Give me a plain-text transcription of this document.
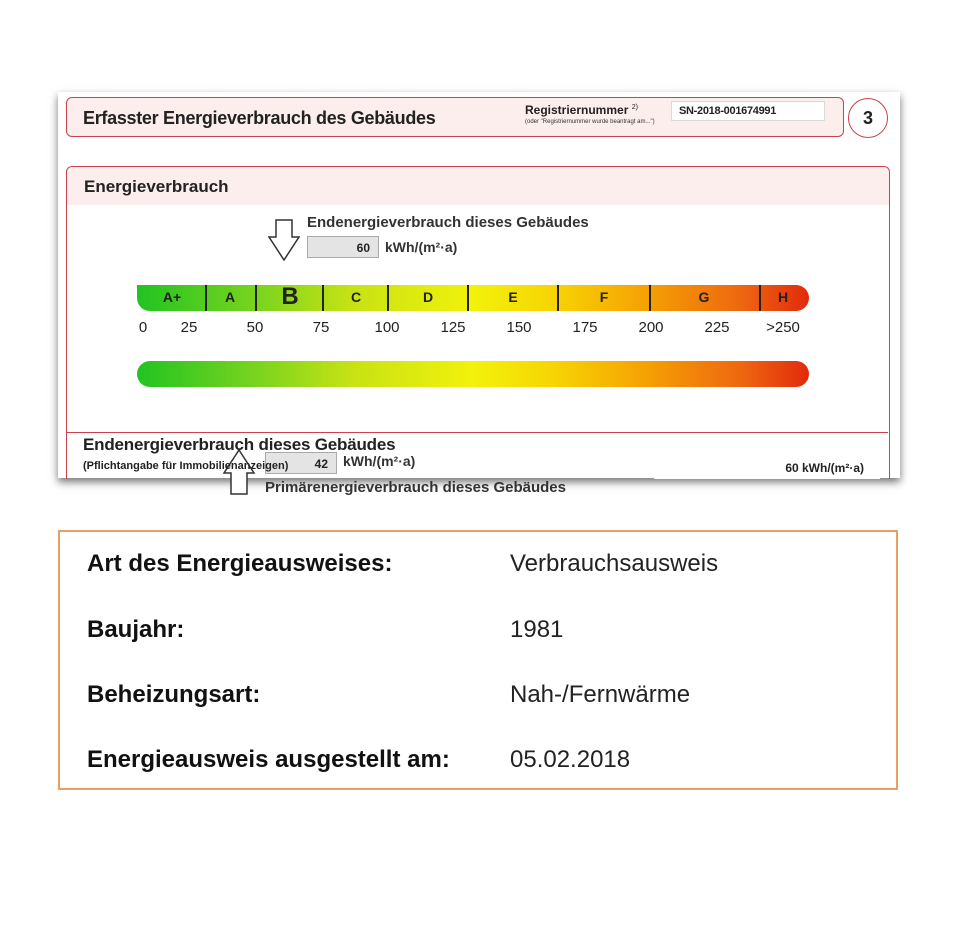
Erfasster Energieverbrauch des Gebäudes	Registriernummer $^{2)}$
(oder "Registriernummer wurde beantragt am...")
SN-2018-001674991	3
Energieverbrauch
Endenergieverbrauch dieses Gebäudes
60	kWh/(m²·a)
A+	A	B	C	D	E	F	G	H
0	25	50	75	100	125	150	175	200	225	>250
42	kWh/(m²·a)
Primärenergieverbrauch dieses Gebäudes
Endenergieverbrauch dieses Gebäudes
(Pflichtangabe für Immobilienanzeigen)	60 kWh/(m²·a)
Art des Energieausweises:	Verbrauchsausweis
Baujahr:	1981
Beheizungsart:	Nah-/Fernwärme
Energieausweis ausgestellt am:	05.02.2018
